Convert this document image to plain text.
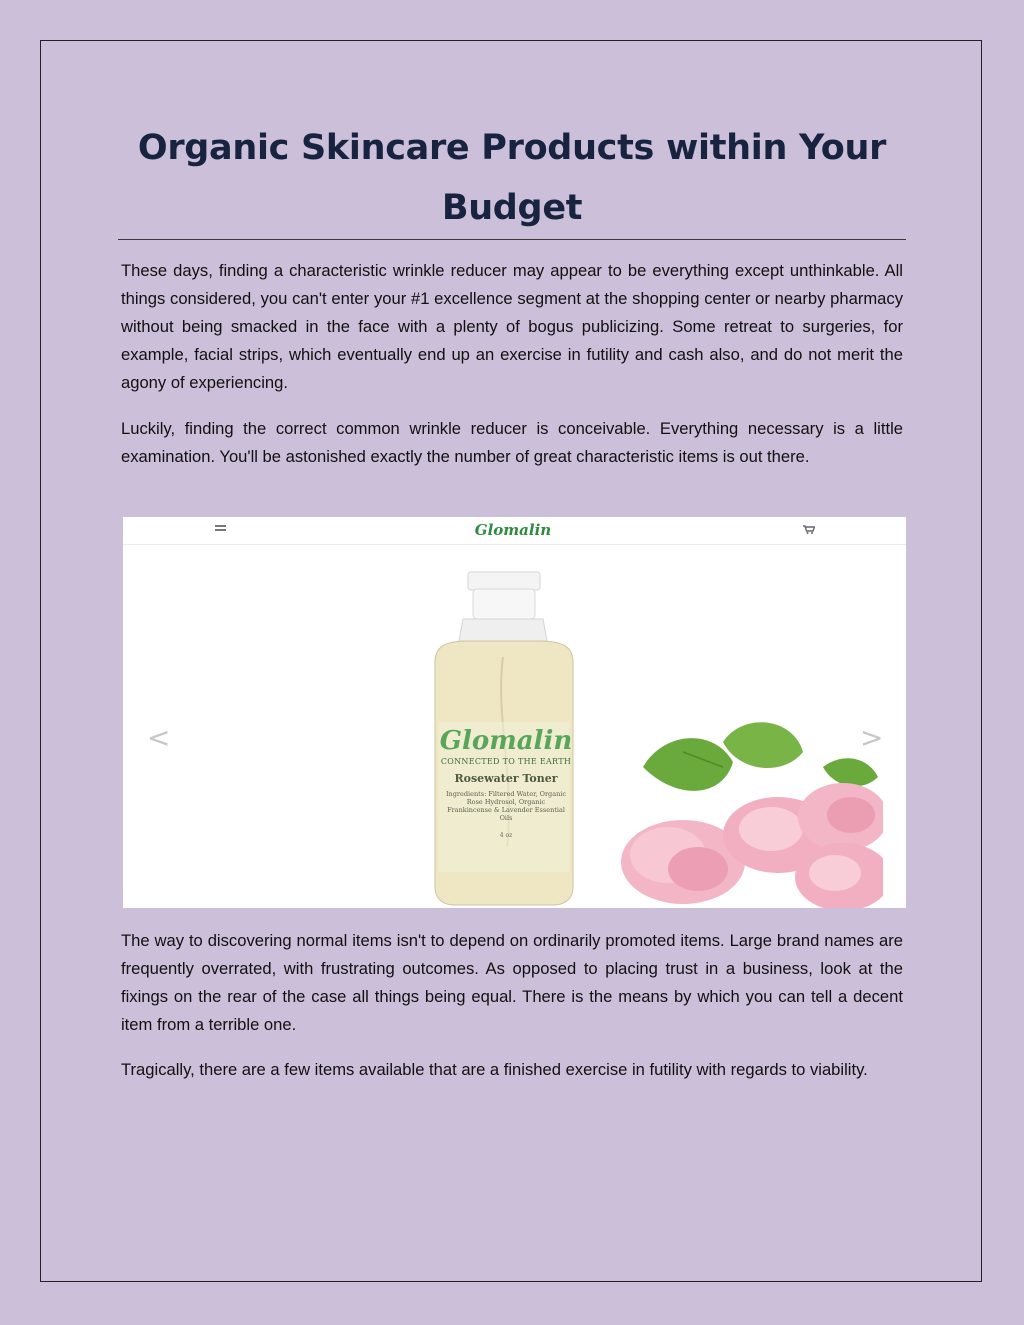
Organic Skincare Products within Your Budget

These days, finding a characteristic wrinkle reducer may appear to be everything except unthinkable. All things considered, you can't enter your #1 excellence segment at the shopping center or nearby pharmacy without being smacked in the face with a plenty of bogus publicizing. Some retreat to surgeries, for example, facial strips, which eventually end up an exercise in futility and cash also, and do not merit the agony of experiencing.

Luckily, finding the correct common wrinkle reducer is conceivable. Everything necessary is a little examination. You'll be astonished exactly the number of great characteristic items is out there.

Glomalin
<	>
Glomalin
CONNECTED TO THE EARTH
Rosewater Toner
Ingredients: Filtered Water, Organic Rose Hydrosol, Organic Frankincense & Lavender Essential Oils
4 oz

The way to discovering normal items isn't to depend on ordinarily promoted items. Large brand names are frequently overrated, with frustrating outcomes. As opposed to placing trust in a business, look at the fixings on the rear of the case all things being equal. There is the means by which you can tell a decent item from a terrible one.

Tragically, there are a few items available that are a finished exercise in futility with regards to viability.
